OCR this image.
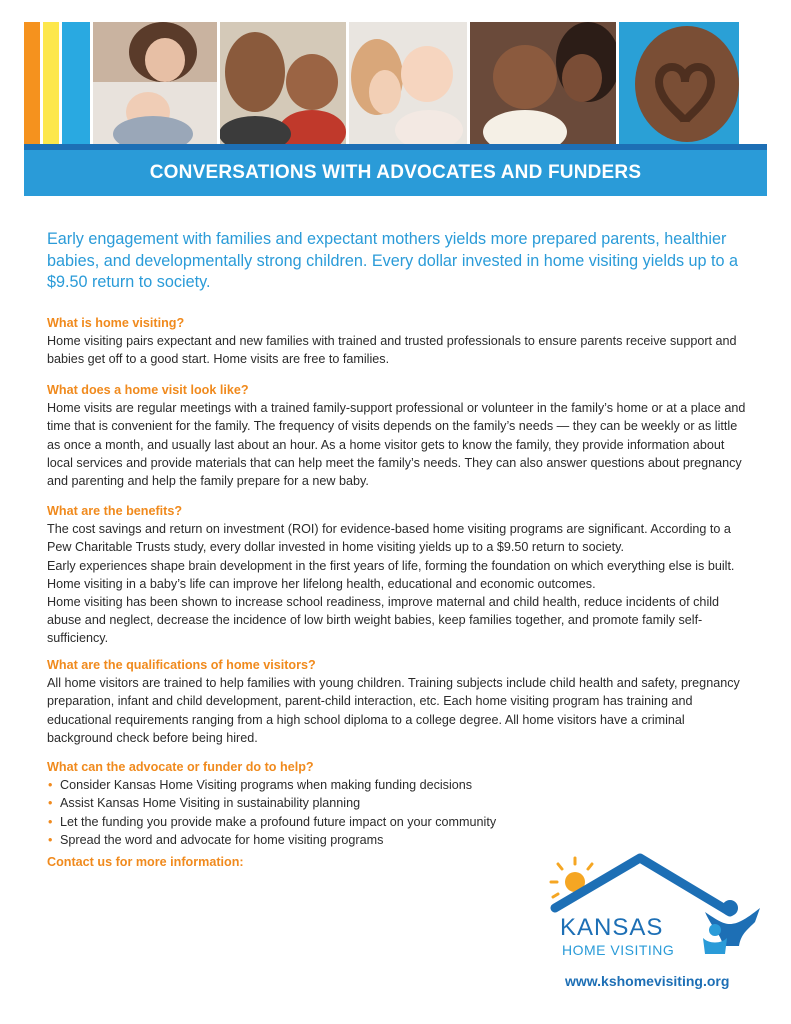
CONVERSATIONS WITH ADVOCATES AND FUNDERS
Early engagement with families and expectant mothers yields more prepared parents, healthier babies, and developmentally strong children. Every dollar invested in home visiting yields up to a $9.50 return to society.
What is home visiting?

Home visiting pairs expectant and new families with trained and trusted professionals to ensure parents receive support and babies get off to a good start. Home visits are free to families.

What does a home visit look like?

Home visits are regular meetings with a trained family-support professional or volunteer in the family’s home or at a place and time that is convenient for the family. The frequency of visits depends on the family’s needs — they can be weekly or as little as once a month, and usually last about an hour. As a home visitor gets to know the family, they provide information about local services and provide materials that can help meet the family’s needs. They can also answer questions about pregnancy and parenting and help the family prepare for a new baby.

What are the benefits?

The cost savings and return on investment (ROI) for evidence-based home visiting programs are significant. According to a Pew Charitable Trusts study, every dollar invested in home visiting yields up to a $9.50 return to society.

Early experiences shape brain development in the first years of life, forming the foundation on which everything else is built. Home visiting in a baby’s life can improve her lifelong health, educational and economic outcomes.

Home visiting has been shown to increase school readiness, improve maternal and child health, reduce incidents of child abuse and neglect, decrease the incidence of low birth weight babies, keep families together, and promote family self-sufficiency.

What are the qualifications of home visitors?

All home visitors are trained to help families with young children. Training subjects include child health and safety, pregnancy preparation, infant and child development, parent-child interaction, etc. Each home visiting program has training and educational requirements ranging from a high school diploma to a college degree. All home visitors have a criminal background check before being hired.

What can the advocate or funder do to help?
• Consider Kansas Home Visiting programs when making funding decisions
• Assist Kansas Home Visiting in sustainability planning
• Let the funding you provide make a profound future impact on your community
• Spread the word and advocate for home visiting programs
Contact us for more information:
KANSAS
HOME VISITING
www.kshomevisiting.org
